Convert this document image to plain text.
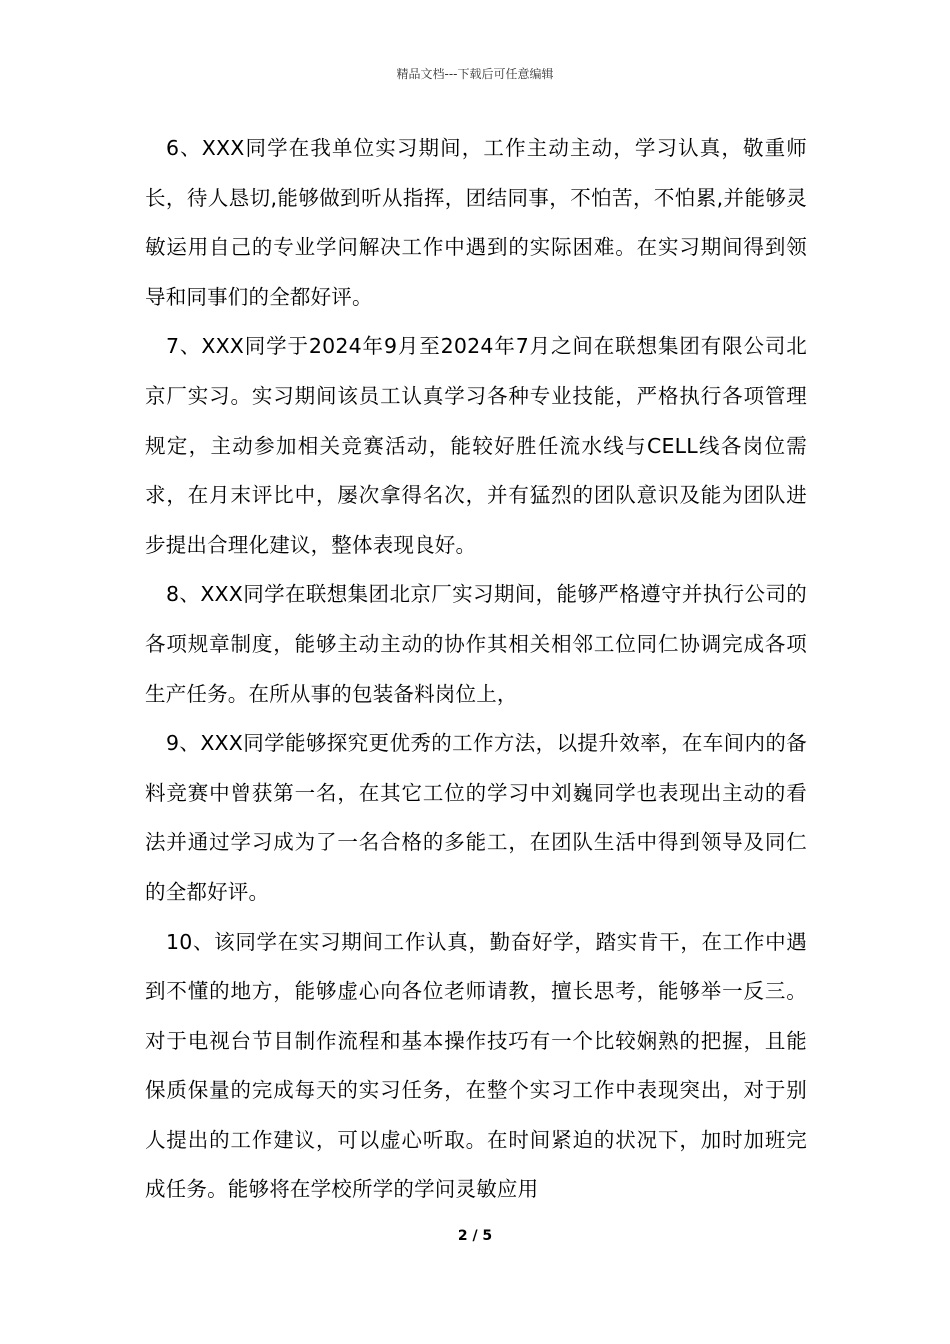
精品文档---下载后可任意编辑

6、XXX同学在我单位实习期间，工作主动主动，学习认真，敬重师长，待人恳切,能够做到听从指挥，团结同事，不怕苦，不怕累,并能够灵敏运用自己的专业学问解决工作中遇到的实际困难。在实习期间得到领导和同事们的全都好评。

7、XXX同学于2024年9月至2024年7月之间在联想集团有限公司北京厂实习。实习期间该员工认真学习各种专业技能，严格执行各项管理规定，主动参加相关竞赛活动，能较好胜任流水线与CELL线各岗位需求，在月末评比中，屡次拿得名次，并有猛烈的团队意识及能为团队进步提出合理化建议，整体表现良好。

8、XXX同学在联想集团北京厂实习期间，能够严格遵守并执行公司的各项规章制度，能够主动主动的协作其相关相邻工位同仁协调完成各项生产任务。在所从事的包装备料岗位上，

9、XXX同学能够探究更优秀的工作方法，以提升效率，在车间内的备料竞赛中曾获第一名，在其它工位的学习中刘巍同学也表现出主动的看法并通过学习成为了一名合格的多能工，在团队生活中得到领导及同仁的全都好评。

10、该同学在实习期间工作认真，勤奋好学，踏实肯干，在工作中遇到不懂的地方，能够虚心向各位老师请教，擅长思考，能够举一反三。对于电视台节目制作流程和基本操作技巧有一个比较娴熟的把握，且能保质保量的完成每天的实习任务，在整个实习工作中表现突出，对于别人提出的工作建议，可以虚心听取。在时间紧迫的状况下，加时加班完成任务。能够将在学校所学的学问灵敏应用

2 / 5
